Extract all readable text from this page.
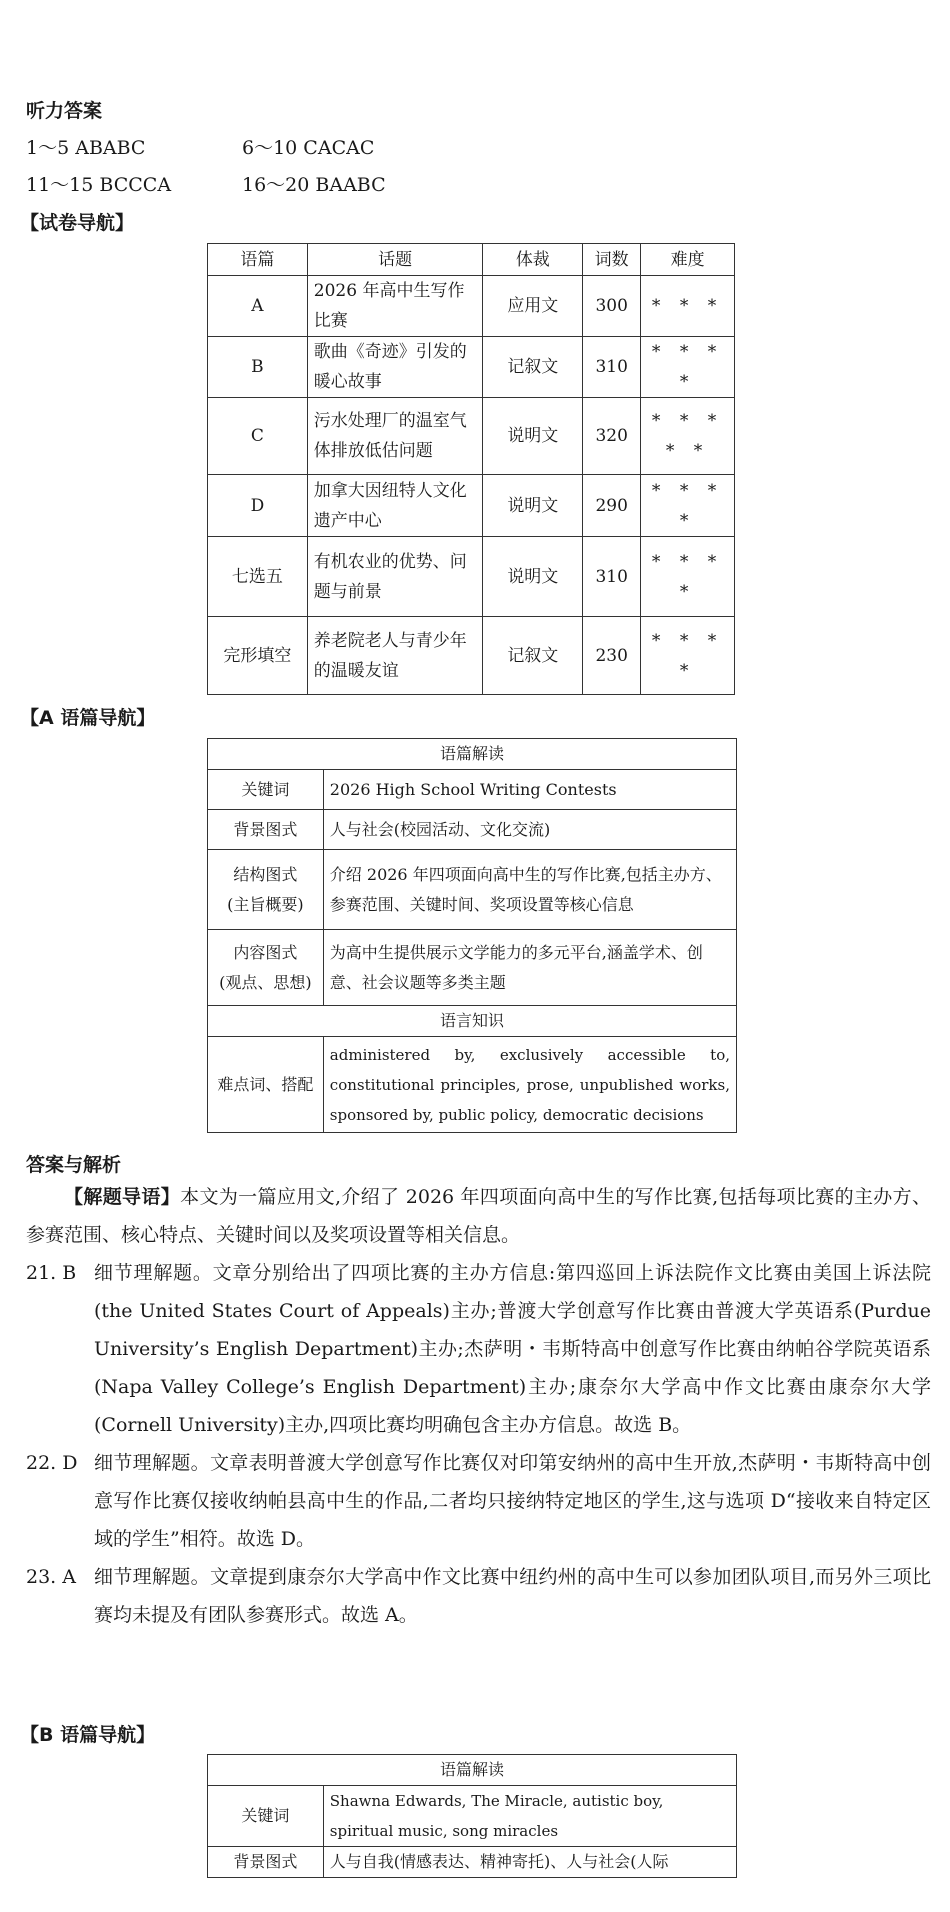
听力答案
1～5 ABABC	6～10 CACAC
11～15 BCCCA	16～20 BAABC
【试卷导航】
语篇	话题	体裁	词数	难度
A	2026 年高中生写作比赛	应用文	300	* * *
B	歌曲《奇迹》引发的暖心故事	记叙文	310	* * * *
C	污水处理厂的温室气体排放低估问题	说明文	320	* * * * *
D	加拿大因纽特人文化遗产中心	说明文	290	* * * *
七选五	有机农业的优势、问题与前景	说明文	310	* * * *
完形填空	养老院老人与青少年的温暖友谊	记叙文	230	* * * *
【A 语篇导航】
语篇解读	
关键词	2026 High School Writing Contests
背景图式	人与社会(校园活动、文化交流)
结构图式
(主旨概要)	介绍 2026 年四项面向高中生的写作比赛,包括主办方、参赛范围、关键时间、奖项设置等核心信息
内容图式
(观点、思想)	为高中生提供展示文学能力的多元平台,涵盖学术、创意、社会议题等多类主题
语言知识	
难点词、搭配	administered by, exclusively accessible to, constitutional principles, prose, unpublished works, sponsored by, public policy, democratic decisions
答案与解析
【解题导语】本文为一篇应用文,介绍了 2026 年四项面向高中生的写作比赛,包括每项比赛的主办方、参赛范围、核心特点、关键时间以及奖项设置等相关信息。
21. B 细节理解题。文章分别给出了四项比赛的主办方信息:第四巡回上诉法院作文比赛由美国上诉法院(the United States Court of Appeals)主办;普渡大学创意写作比赛由普渡大学英语系(Purdue University’s English Department)主办;杰萨明・韦斯特高中创意写作比赛由纳帕谷学院英语系(Napa Valley College’s English Department)主办;康奈尔大学高中作文比赛由康奈尔大学(Cornell University)主办,四项比赛均明确包含主办方信息。故选 B。
22. D 细节理解题。文章表明普渡大学创意写作比赛仅对印第安纳州的高中生开放,杰萨明・韦斯特高中创意写作比赛仅接收纳帕县高中生的作品,二者均只接纳特定地区的学生,这与选项 D“接收来自特定区域的学生”相符。故选 D。
23. A 细节理解题。文章提到康奈尔大学高中作文比赛中纽约州的高中生可以参加团队项目,而另外三项比赛均未提及有团队参赛形式。故选 A。
【B 语篇导航】
语篇解读	
关键词	Shawna Edwards, The Miracle, autistic boy, spiritual music, song miracles
背景图式	人与自我(情感表达、精神寄托)、人与社会(人际
